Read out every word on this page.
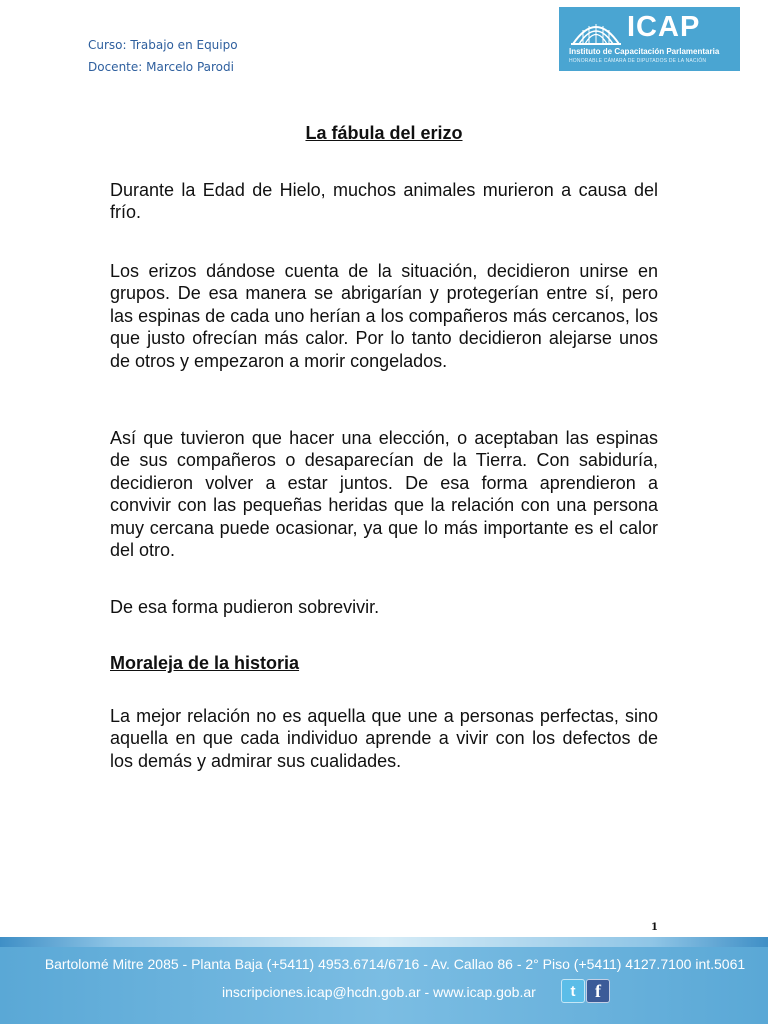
Curso: Trabajo en Equipo
Docente: Marcelo Parodi
ICAP
Instituto de Capacitación Parlamentaria
HONORABLE CÁMARA DE DIPUTADOS DE LA NACIÓN
La fábula del erizo
Durante la Edad de Hielo, muchos animales murieron a causa del frío.
Los erizos dándose cuenta de la situación, decidieron unirse en grupos. De esa manera se abrigarían y protegerían entre sí, pero las espinas de cada uno herían a los compañeros más cercanos, los que justo ofrecían más calor. Por lo tanto decidieron alejarse unos de otros y empezaron a morir congelados.
Así que tuvieron que hacer una elección, o aceptaban las espinas de sus compañeros o desaparecían de la Tierra. Con sabiduría, decidieron volver a estar juntos. De esa forma aprendieron a convivir con las pequeñas heridas que la relación con una persona muy cercana puede ocasionar, ya que lo más importante es el calor del otro.
De esa forma pudieron sobrevivir.
Moraleja de la historia
La mejor relación no es aquella que une a personas perfectas, sino aquella en que cada individuo aprende a vivir con los defectos de los demás y admirar sus cualidades.
1
Bartolomé Mitre 2085 - Planta Baja (+5411) 4953.6714/6716 - Av. Callao 86 - 2° Piso (+5411) 4127.7100 int.5061
inscripciones.icap@hcdn.gob.ar - www.icap.gob.ar t f
